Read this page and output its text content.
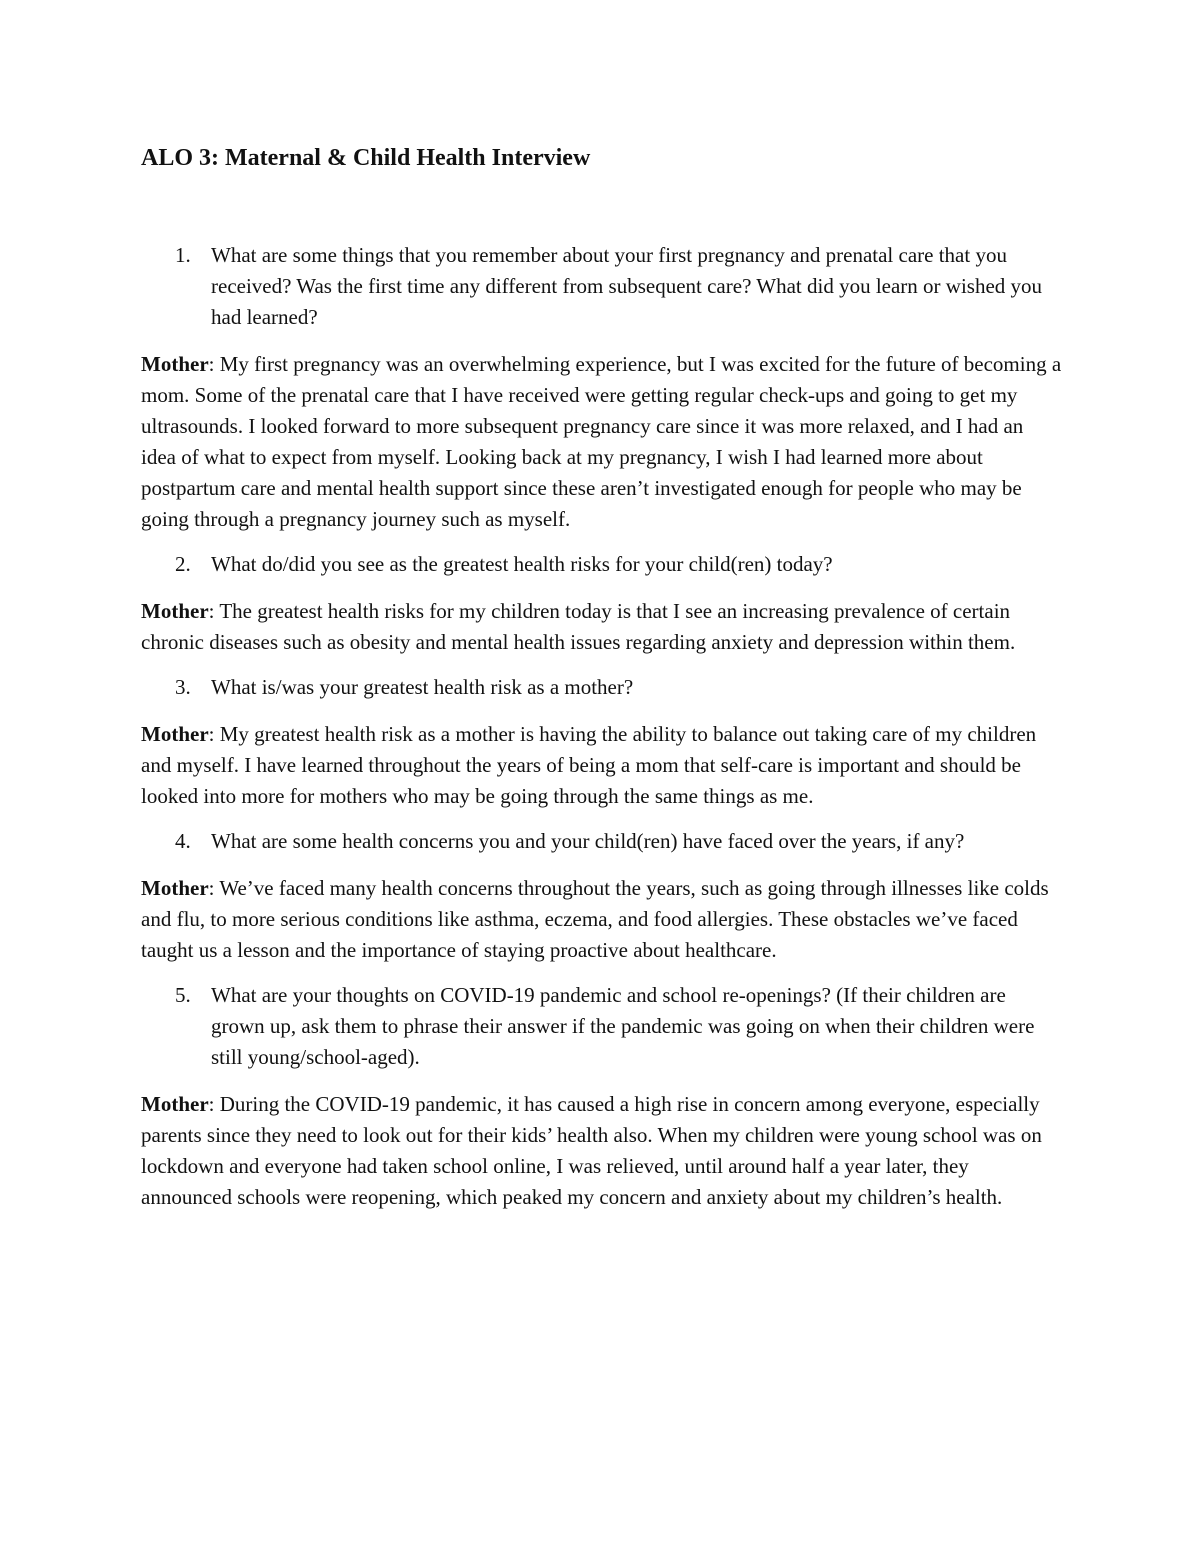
ALO 3: Maternal & Child Health Interview
1. What are some things that you remember about your first pregnancy and prenatal care that you received? Was the first time any different from subsequent care? What did you learn or wished you had learned?

Mother: My first pregnancy was an overwhelming experience, but I was excited for the future of becoming a mom. Some of the prenatal care that I have received were getting regular check-ups and going to get my ultrasounds. I looked forward to more subsequent pregnancy care since it was more relaxed, and I had an idea of what to expect from myself. Looking back at my pregnancy, I wish I had learned more about postpartum care and mental health support since these aren’t investigated enough for people who may be going through a pregnancy journey such as myself.

2. What do/did you see as the greatest health risks for your child(ren) today?

Mother: The greatest health risks for my children today is that I see an increasing prevalence of certain chronic diseases such as obesity and mental health issues regarding anxiety and depression within them.

3. What is/was your greatest health risk as a mother?

Mother: My greatest health risk as a mother is having the ability to balance out taking care of my children and myself. I have learned throughout the years of being a mom that self-care is important and should be looked into more for mothers who may be going through the same things as me.

4. What are some health concerns you and your child(ren) have faced over the years, if any?

Mother: We’ve faced many health concerns throughout the years, such as going through illnesses like colds and flu, to more serious conditions like asthma, eczema, and food allergies. These obstacles we’ve faced taught us a lesson and the importance of staying proactive about healthcare.

5. What are your thoughts on COVID-19 pandemic and school re-openings? (If their children are grown up, ask them to phrase their answer if the pandemic was going on when their children were still young/school-aged).

Mother: During the COVID-19 pandemic, it has caused a high rise in concern among everyone, especially parents since they need to look out for their kids’ health also. When my children were young school was on lockdown and everyone had taken school online, I was relieved, until around half a year later, they announced schools were reopening, which peaked my concern and anxiety about my children’s health.
